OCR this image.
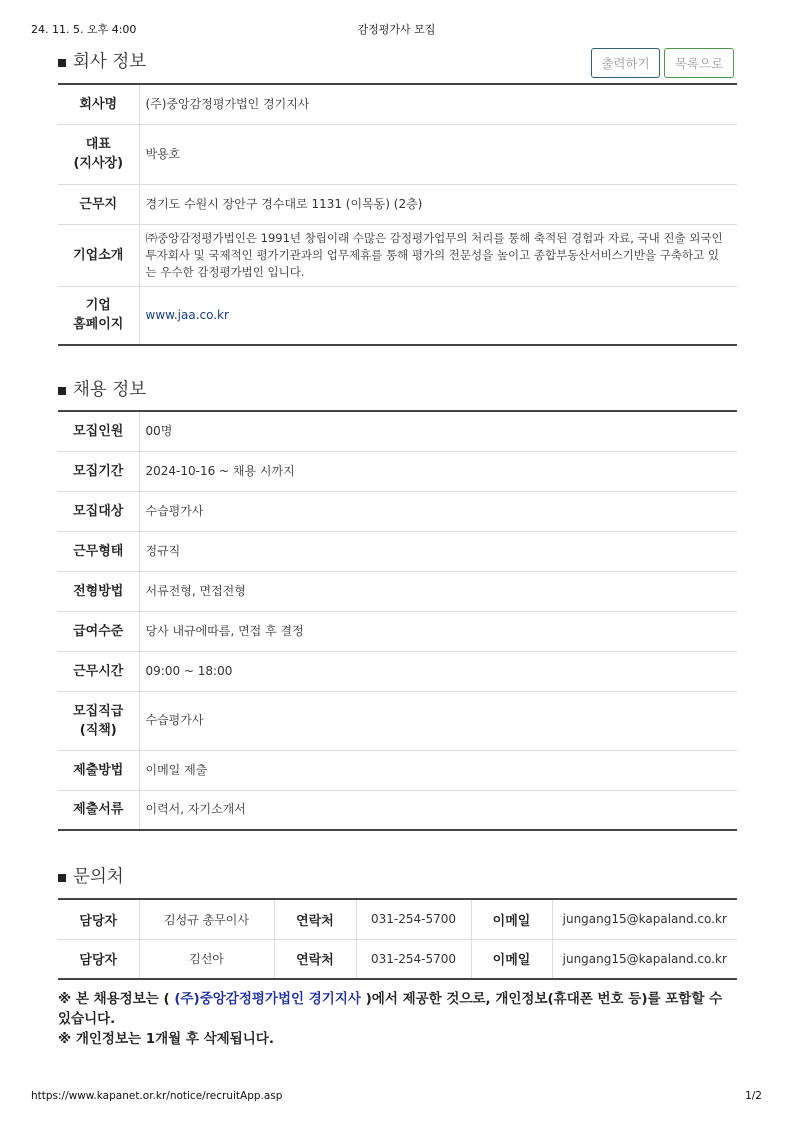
24. 11. 5. 오후 4:00	감정평가사 모집
회사 정보	출력하기	목록으로
회사명	(주)중앙감정평가법인 경기지사
대표
(지사장)	박용호
근무지	경기도 수원시 장안구 경수대로 1131 (이목동) (2층)
기업소개	㈜중앙감정평가법인은 1991년 창립이래 수많은 감정평가업무의 처리를 통해 축적된 경험과 자료, 국내 진출 외국인 투자회사 및 국제적인 평가기관과의 업무제휴를 통해 평가의 전문성을 높이고 종합부동산서비스기반을 구축하고 있는 우수한 감정평가법인 입니다.
기업
홈페이지	www.jaa.co.kr
채용 정보
모집인원	00명
모집기간	2024-10-16 ~ 채용 시까지
모집대상	수습평가사
근무형태	정규직
전형방법	서류전형, 면접전형
급여수준	당사 내규에따름, 면접 후 결정
근무시간	09:00 ~ 18:00
모집직급
(직책)	수습평가사
제출방법	이메일 제출
제출서류	이력서, 자기소개서
문의처
담당자	김성규 총무이사	연락처	031-254-5700	이메일	jungang15@kapaland.co.kr
담당자	김선아	연락처	031-254-5700	이메일	jungang15@kapaland.co.kr
※ 본 채용정보는 ( (주)중앙감정평가법인 경기지사 )에서 제공한 것으로, 개인정보(휴대폰 번호 등)를 포함할 수 있습니다.
※ 개인정보는 1개월 후 삭제됩니다.
https://www.kapanet.or.kr/notice/recruitApp.asp	1/2
